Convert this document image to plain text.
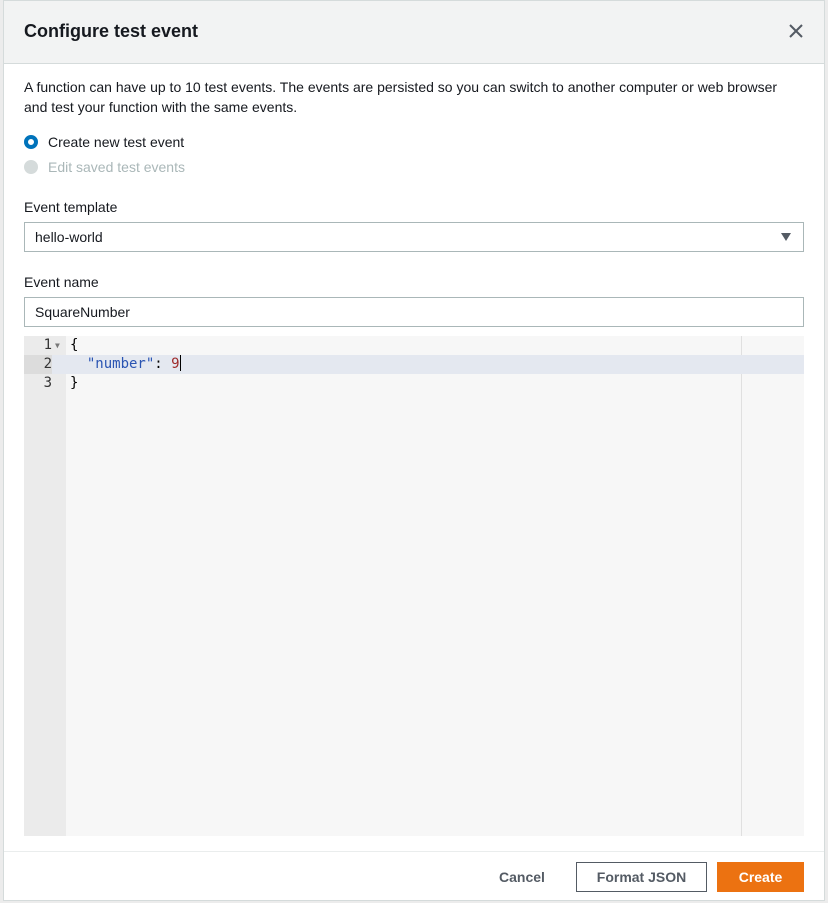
Configure test event
A function can have up to 10 test events. The events are persisted so you can switch to another computer or web browser and test your function with the same events.
Create new test event
Edit saved test events
Event template
hello-world
Event name
SquareNumber
1 ▼ {
2	"number": 9
3 }
Cancel	Format JSON	Create
